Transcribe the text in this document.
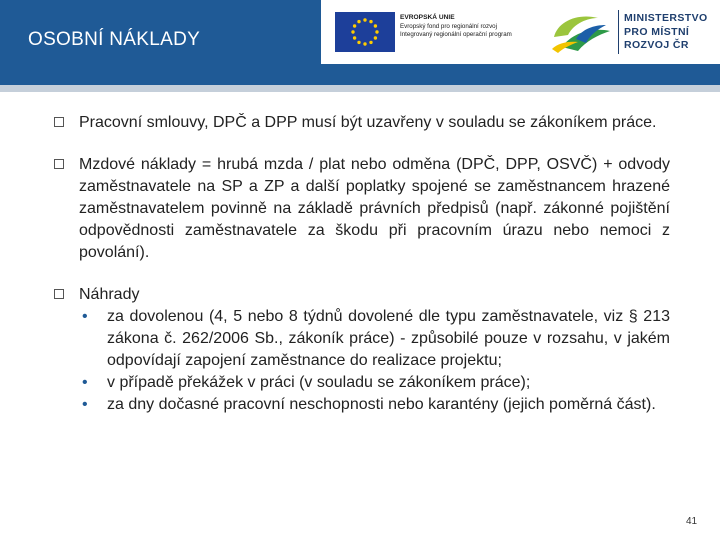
OSOBNÍ NÁKLADY
EVROPSKÁ UNIE
Evropský fond pro regionální rozvoj
Integrovaný regionální operační program
MINISTERSTVO
PRO MÍSTNÍ
ROZVOJ ČR
Pracovní smlouvy, DPČ a DPP musí být uzavřeny v souladu se zákoníkem práce.
Mzdové náklady = hrubá mzda / plat nebo odměna (DPČ, DPP, OSVČ) + odvody zaměstnavatele na SP a ZP a další poplatky spojené se zaměstnancem hrazené zaměstnavatelem povinně na základě právních předpisů (např. zákonné pojištění odpovědnosti zaměstnavatele za škodu při pracovním úrazu nebo nemoci z povolání).
Náhrady
• za dovolenou (4, 5 nebo 8 týdnů dovolené dle typu zaměstnavatele, viz § 213 zákona č. 262/2006 Sb., zákoník práce) - způsobilé pouze v rozsahu, v jakém odpovídají zapojení zaměstnance do realizace projektu;
• v případě překážek v práci (v souladu se zákoníkem práce);
• za dny dočasné pracovní neschopnosti nebo karantény (jejich poměrná část).
41
